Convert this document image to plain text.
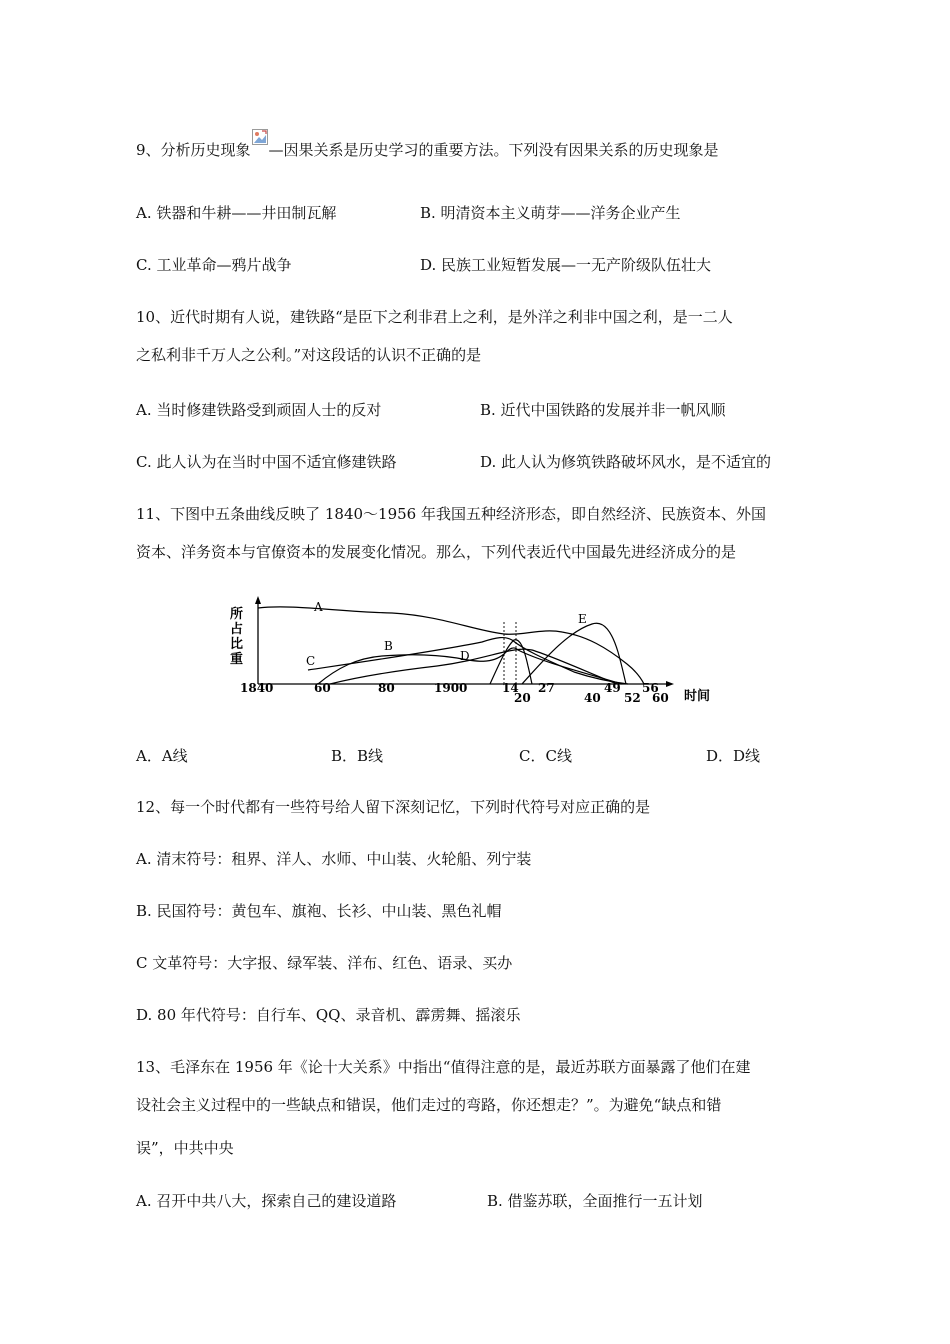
9、分析历史现象 —因果关系是历史学习的重要方法。下列没有因果关系的历史现象是
A. 铁器和牛耕——井田制瓦解	B. 明清资本主义萌芽——洋务企业产生
C. 工业革命—鸦片战争	D. 民族工业短暂发展—一无产阶级队伍壮大
10、近代时期有人说，建铁路“是臣下之利非君上之利，是外洋之利非中国之利，是一二人
之私利非千万人之公利。”对这段话的认识不正确的是
A. 当时修建铁路受到顽固人士的反对	B. 近代中国铁路的发展并非一帆风顺
C. 此人认为在当时中国不适宜修建铁路	D. 此人认为修筑铁路破坏风水，是不适宜的
11、下图中五条曲线反映了 1840～1956 年我国五种经济形态，即自然经济、民族资本、外国
资本、洋务资本与官僚资本的发展变化情况。那么，下列代表近代中国最先进经济成分的是
所占比重
A
B
C	D
E
1840	60	80	1900	14 27	49 56
20	40 52 60 时间
A．A线	B．B线	C．C线	D．D线
12、每一个时代都有一些符号给人留下深刻记忆，下列时代符号对应正确的是
A. 清末符号：租界、洋人、水师、中山装、火轮船、列宁装
B. 民国符号：黄包车、旗袍、长衫、中山装、黑色礼帽
C 文革符号：大字报、绿军装、洋布、红色、语录、买办
D. 80 年代符号：自行车、QQ、录音机、霹雳舞、摇滚乐
13、毛泽东在 1956 年《论十大关系》中指出“值得注意的是，最近苏联方面暴露了他们在建
设社会主义过程中的一些缺点和错误，他们走过的弯路，你还想走？”。为避免“缺点和错
误”，中共中央
A. 召开中共八大，探索自己的建设道路	B. 借鉴苏联，全面推行一五计划
